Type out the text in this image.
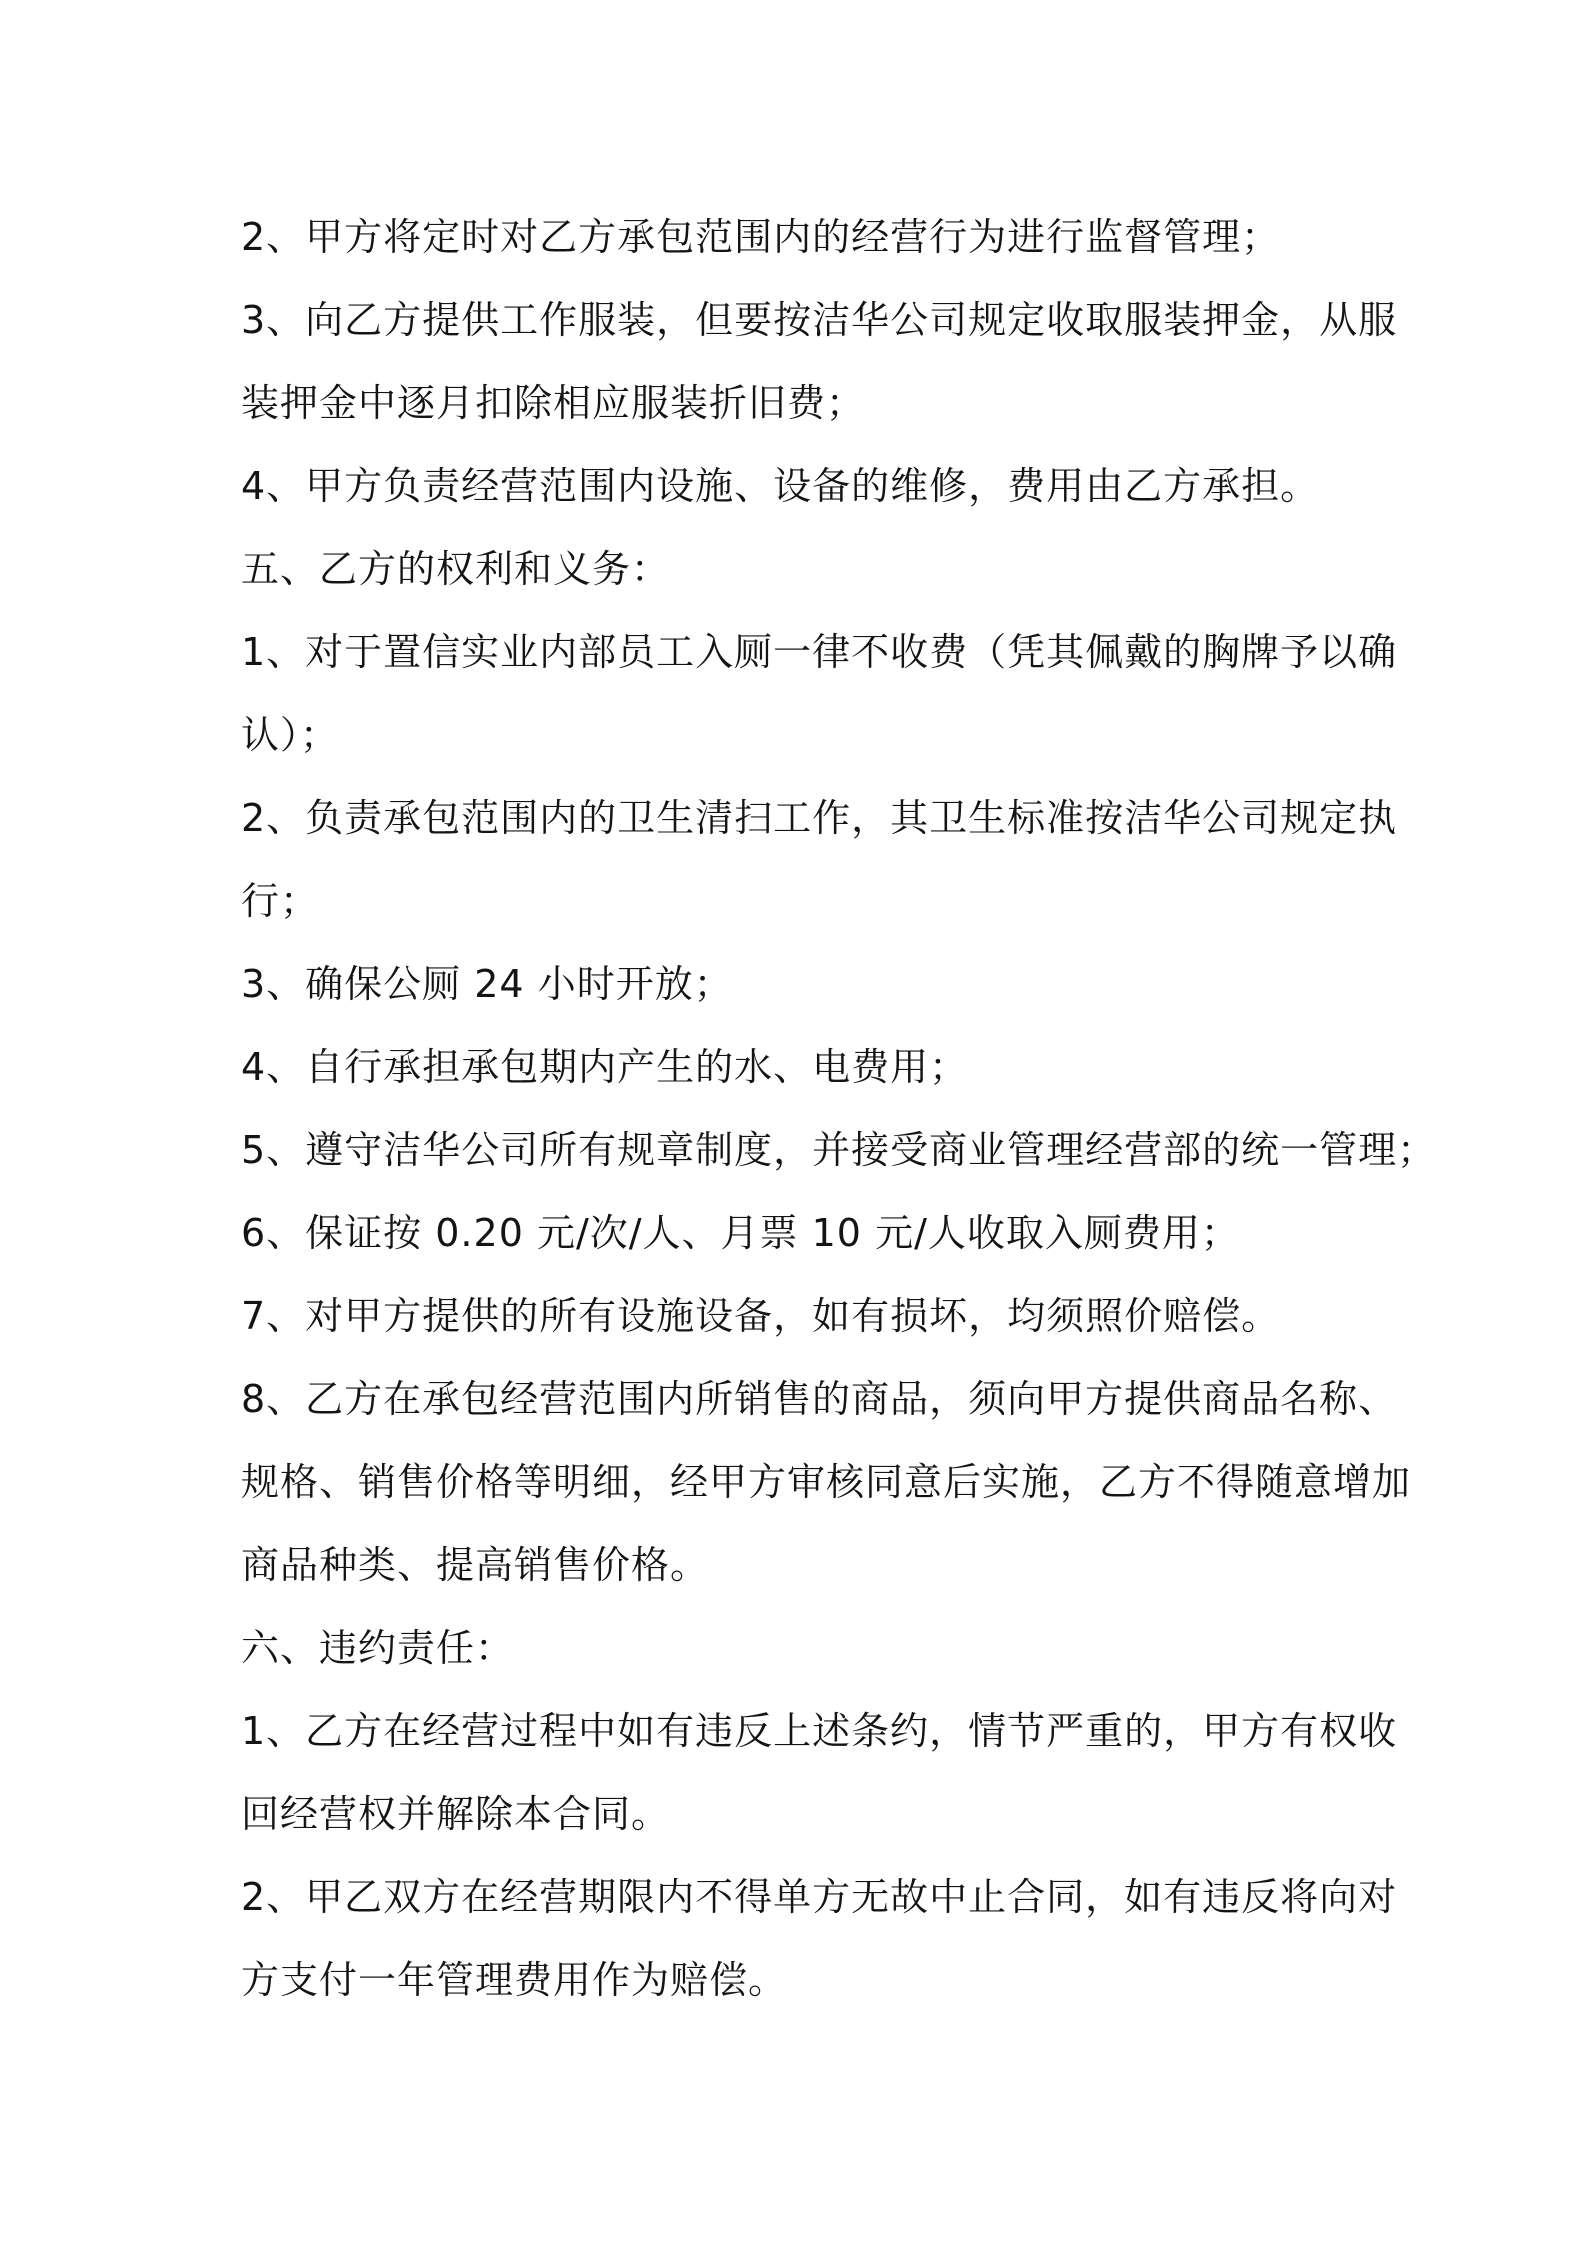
2、甲方将定时对乙方承包范围内的经营行为进行监督管理；
3、向乙方提供工作服装，但要按洁华公司规定收取服装押金，从服
装押金中逐月扣除相应服装折旧费；
4、甲方负责经营范围内设施、设备的维修，费用由乙方承担。
五、乙方的权利和义务：
1、对于置信实业内部员工入厕一律不收费（凭其佩戴的胸牌予以确
认）；
2、负责承包范围内的卫生清扫工作，其卫生标准按洁华公司规定执
行；
3、确保公厕 24 小时开放；
4、自行承担承包期内产生的水、电费用；
5、遵守洁华公司所有规章制度，并接受商业管理经营部的统一管理；
6、保证按 0.20 元/次/人、月票 10 元/人收取入厕费用；
7、对甲方提供的所有设施设备，如有损坏，均须照价赔偿。
8、乙方在承包经营范围内所销售的商品，须向甲方提供商品名称、
规格、销售价格等明细，经甲方审核同意后实施，乙方不得随意增加
商品种类、提高销售价格。
六、违约责任：
1、乙方在经营过程中如有违反上述条约，情节严重的，甲方有权收
回经营权并解除本合同。
2、甲乙双方在经营期限内不得单方无故中止合同，如有违反将向对
方支付一年管理费用作为赔偿。
